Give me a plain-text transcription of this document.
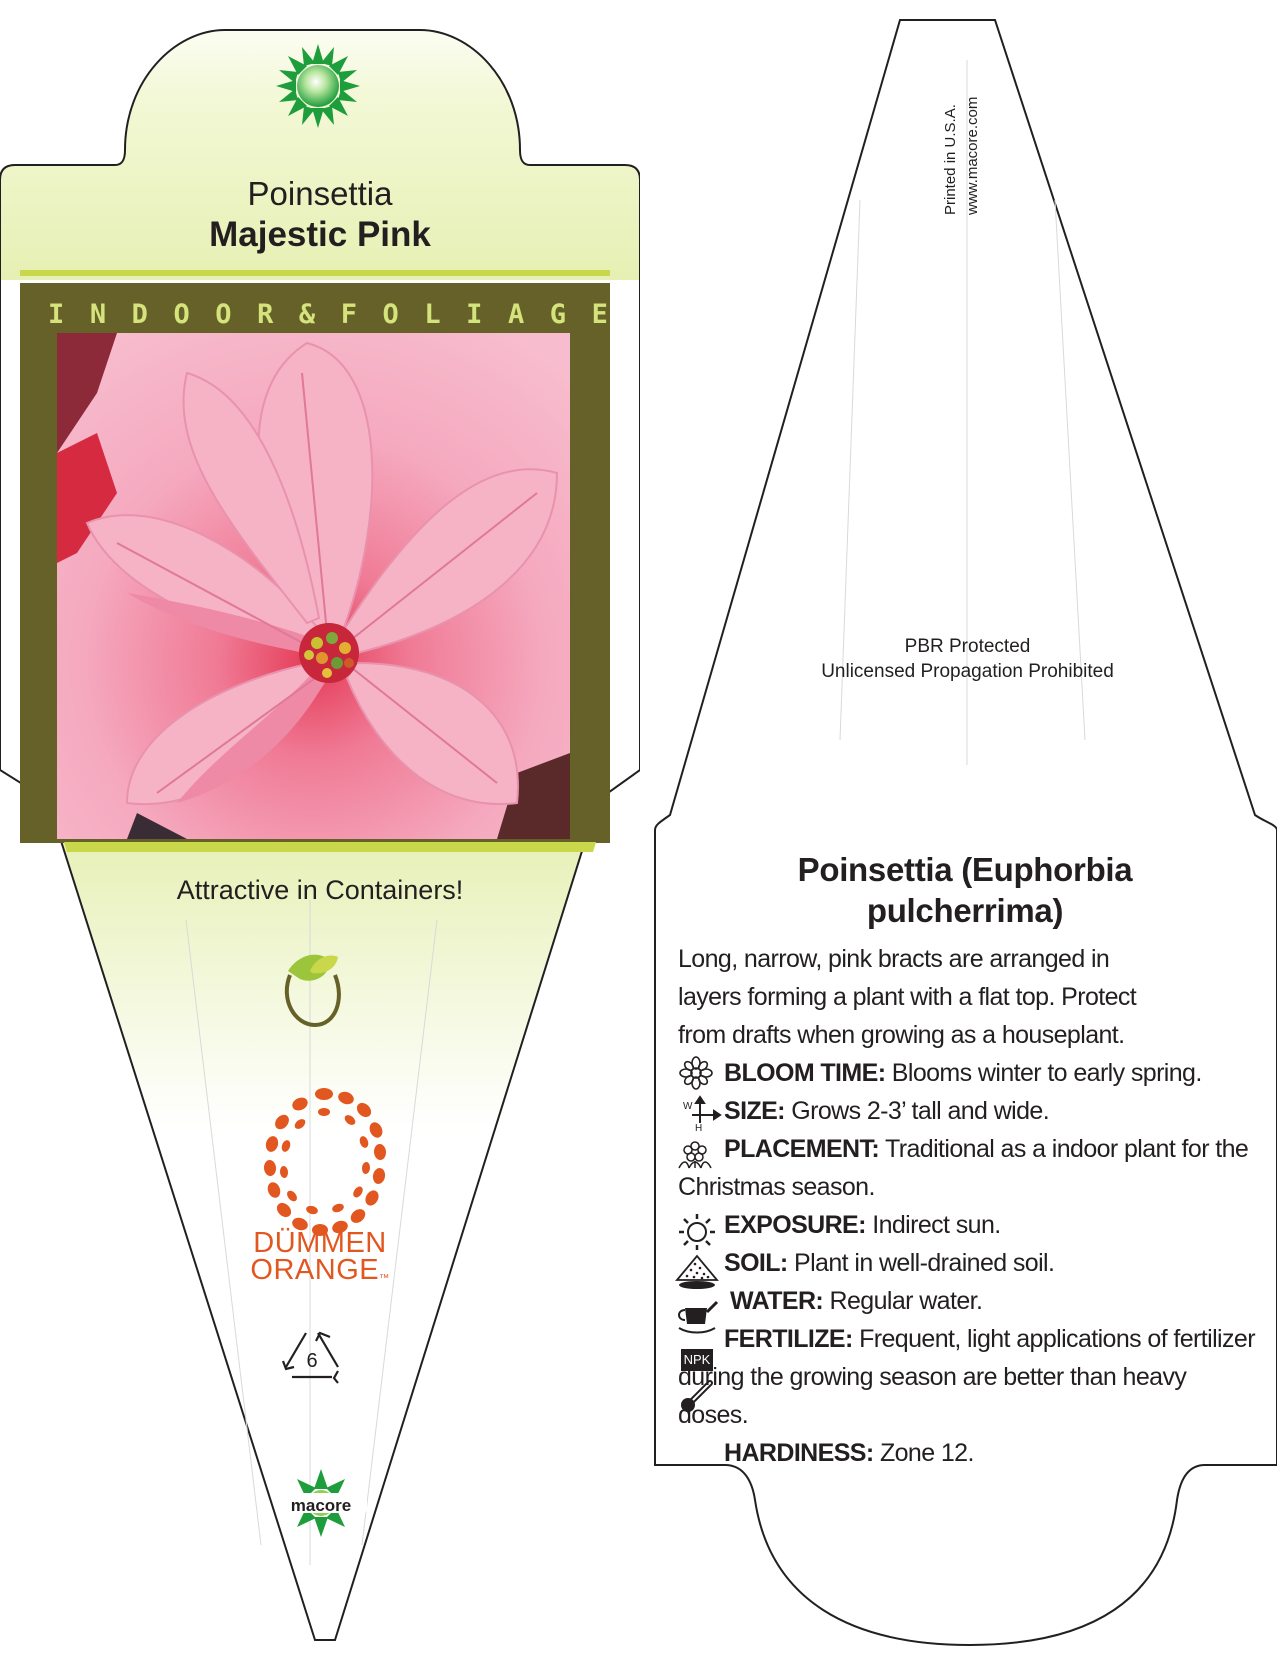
Poinsettia
Majestic Pink
I N D O O R & F O L I A G E
Attractive in Containers!
DÜMMEN
ORANGE™
6
macore
Printed in U.S.A. www.macore.com
PBR Protected
Unlicensed Propagation Prohibited
Poinsettia (Euphorbia
pulcherrima)
W
H
NPK

Long, narrow, pink bracts are arranged in layers forming a plant with a flat top. Protect from drafts when growing as a houseplant.

BLOOM TIME: Blooms winter to early spring.
SIZE: Grows 2-3’ tall and wide.
PLACEMENT: Traditional as a indoor plant for the Christmas season.
EXPOSURE: Indirect sun.
SOIL: Plant in well-drained soil.
WATER: Regular water.
FERTILIZE: Frequent, light applications of fertilizer during the growing season are better than heavy doses.
HARDINESS: Zone 12.
